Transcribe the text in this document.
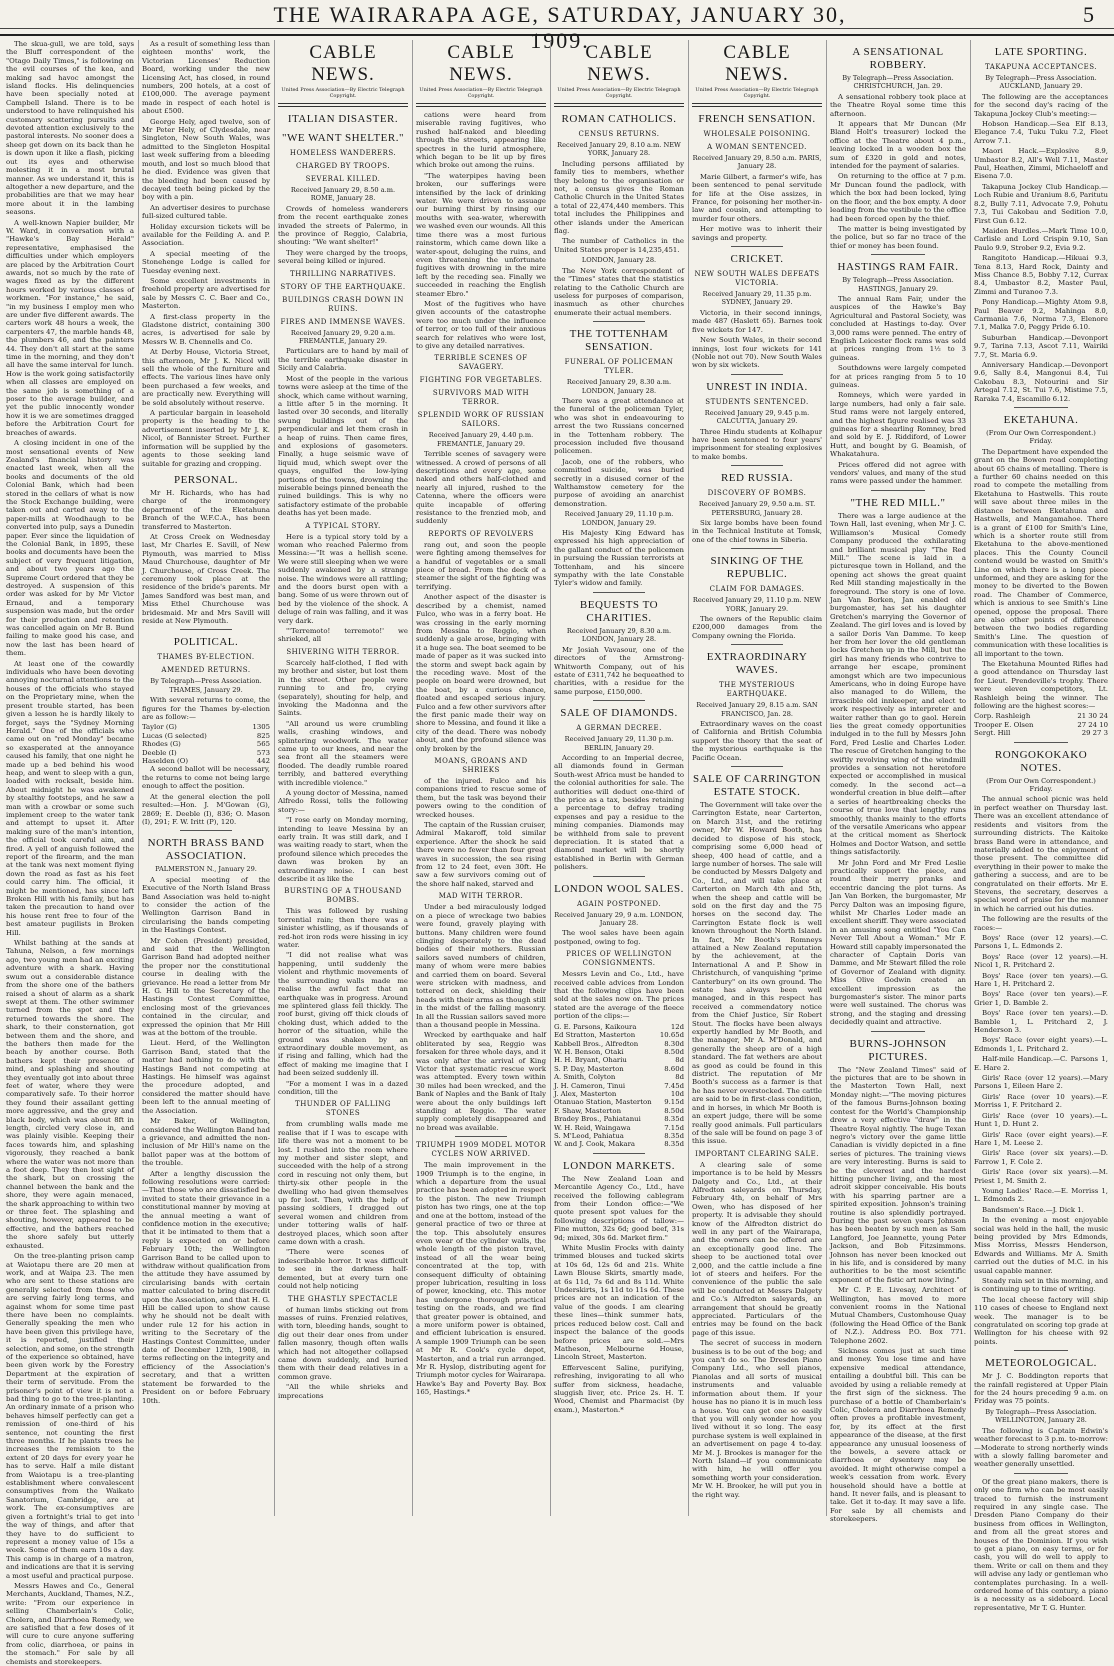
THE WAIRARAPA AGE, SATURDAY, JANUARY 30, 1909.
5

The skua-gull, we are told, says the Bluff correspondent of the "Otago Daily Times," is following on the evil courses of the kea, and making sad havoc amongst the island flocks. His delinquencies have been specially noted at Campbell Island. There is to be understood to have relinquished his customary scattering pursuits and devoted attention exclusively to the pastoral interests. No sooner does a sheep get down on its back than he is down upon it like a flash, picking out its eyes and otherwise molesting it in a most brutal manner. As we understand it, this is altogether a new departure, and the probabilities are that we may hear more about it in the lambing seasons.

A well-known Napier builder, Mr W. Ward, in conversation with a "Hawke's Bay Herald" representative, emphasised the difficulties under which employers are placed by the Arbitration Court awards, not so much by the rate of wages fixed as by the different hours worked by various classes of workmen. "For instance," he said, "in my business I employ men who are under five different awards. The carters work 48 hours a week, the carpenters 47, the marble hands 48, the plumbers 46, and the painters 44. They don't all start at the same time in the morning, and they don't all have the same interval for lunch. How is the work going satisfactorily when all classes are employed on the same job is something of a poser to the average builder, and yet the public innocently wonder how it is we are sometimes dragged before the Arbitration Court for breaches of awards.

A closing incident in one of the most sensational events of New Zealand's financial history was enacted last week, when all the books and documents of the old Colonial Bank, which had been stored in the cellars of what is now the Stock Exchange building, were taken out and carted away to the paper-mills at Woodhaugh to be converted into pulp, says a Dunedin paper. Ever since the liquidation of the Colonial Bank, in 1895, these books and documents have been the subject of very frequent litigation, and about two years ago the Supreme Court ordered that they be destroyed. A suspension of this order was asked for by Mr Victor Ernaud, and a temporary suspension was made, but the order for their production and retention was cancelled again on Mr B. Bund failing to make good his case, and now the last has been heard of them.

At least one of the cowardly individuals who have been devoting annoying nocturnal attentions to the houses of the officials who stayed on the Proprietary mine, when the present trouble started, has been given a lesson he is hardly likely to forget, says the "Sydney Morning Herald." One of the officials who came out on "red Monday" became so exasperated at the annoyance caused his family, that one night he made up a bed behind his wood heap, and went to sleep with a gun, loaded with rocksalt, beside him. About midnight he was awakened by stealthy footsteps, and he saw a man with a crowbar or some such implement creep to the water tank and attempt to upset it. After making sure of the man's intention, the official took careful aim, and fired. A yell of anguish followed the report of the firearm, and the man at the tank was next moment flying down the road as fast as his feet could carry him. The official, it might be mentioned, has since left Broken Hill with his family, but has taken the precaution to hand over his house rent free to four of the best amateur pugilists in Broken Hill.

Whilst bathing at the sands at Tahuna, Nelson, a few mornings ago, two young men had an exciting adventure with a shark. Having swum out a considerable distance from the shore one of the bathers raised a shout of alarm as a shark swept at them. The other swimmer turned from the spot and they returned towards the shore. The shark, to their consternation, got between them and the shore, and the bathers then made for the beach by another course. Both bathers kept their presence of mind, and splashing and shouting they eventually got into about three feet of water, where they were comparatively safe. To their horror they found their assailant getting more aggressive, and the grey and black body, which was about 8ft in length, circled very close in, and was plainly visible. Keeping their faces towards him, and splashing vigorously, they reached a bank where the water was not more than a foot deep. They then lost sight of the shark, but on crossing the channel between the bank and the shore, they were again menaced, the shark approaching to within two or three feet. The splashing and shouting, however, appeared to be effective, and the bathers reached the shore safely but utterly exhausted.

On the tree-planting prison camp at Waiotapu there are 20 men at work, and at Waipa 23. The men who are sent to these stations are generally selected from those who are serving fairly long terms, and against whom for some time past there have been no complaints. Generally speaking the men who have been given this privilege have, it is reported, justified their selection, and some, on the strength of the experience so obtained, have been given work by the Forestry Department at the expiration of their term of servitude. From the prisoner's point of view it is not a bad thing to go to the tree-planting. An ordinary inmate of a prison who behaves himself perfectly can get a remission of one-third of his sentence, not counting the first three months. If he plants trees he increases the remission to the extent of 20 days for every year he has to serve. Half a mile distant from Waiotapu is a tree-planting establishment where convalescent consumptives from the Waikato Sanatorium, Cambridge, are at work. The ex-consumptives are given a fortnight's trial to get into the way of things, and after that they have to do sufficient to represent a money value of 15s a week. Some of them earn 10s a day. This camp is in charge of a matron, and indications are that it is serving a most useful and practical purpose.

Messrs Hawes and Co., General Merchants, Auckland, Thames, N.Z., write: "From our experience in selling Chamberlain's Colic, Cholera, and Diarrhoea Remedy, we are satisfied that a few doses of it will cure to cure anyone suffering from colic, diarrhoea, or pains in the stomach." For sale by all chemists and storekeepers.

As a result of something less than eighteen months' work, the Victorian Licenses' Reduction Board, working under the new Licensing Act, has closed, in round numbers, 200 hotels, at a cost of £100,000. The average payment made in respect of each hotel is about £500.

George Hely, aged twelve, son of Mr Peter Hely, of Clydesdale, near Singleton, New South Wales, was admitted to the Singleton Hospital last week suffering from a bleeding mouth, and lost so much blood that he died. Evidence was given that the bleeding had been caused by decayed teeth being picked by the boy with a pin.

An advertiser desires to purchase full-sized cultured table.

Holiday excursion tickets will be available for the Feilding A. and P. Association.

A special meeting of the Stonehenge Lodge is called for Tuesday evening next.

Some excellent investments in freehold property are advertised for sale by Messrs C. C. Baer and Co., Masterton.

A first-class property in the Gladstone district, containing 300 acres, is advertised for sale by Messrs W. B. Chennells and Co.

At Derby House, Victoria Street, this afternoon, Mr J. K. Nicol will sell the whole of the furniture and effects. The various lines have only been purchased a few weeks, and are practically new. Everything will be sold absolutely without reserve.

A particular bargain in leasehold property is the heading to the advertisement inserted by Mr J. K. Nicol, of Bannister Street. Further information will be supplied by the agents to those seeking land suitable for grazing and cropping.

PERSONAL.

Mr H. Richards, who has had charge of the ironmongery department of the Eketahuna Branch of the W.F.C.A., has been transferred to Masterton.

At Cross Creek on Wednesday last, Mr Charles E. Savill, of New Plymouth, was married to Miss Maud Churchouse, daughter of Mr J. Churchouse, of Cross Creek. The ceremony took place at the residence of the bride's parents. Mr James Sandford was best man, and Miss Ethel Churchouse was bridesmaid. Mr and Mrs Savill will reside at New Plymouth.

POLITICAL.
THAMES BY-ELECTION.
AMENDED RETURNS.

By Telegraph—Press Association. THAMES, January 29.

With several returns to come, the figures for the Thames by-election are as follow:—

Taylor (G)	1305
Lucas (G selected)	825
Rhodes (G)	565
Deeble (I)	573
Haselden (O)	442

A second ballot will be necessary, the returns to come not being large enough to affect the position.

At the general election the poll resulted:—Hon. J. M'Gowan (G), 2869; E. Deeble (I), 836; O. Mason (I), 291; F. W. Iritt (P), 120.

NORTH BRASS BAND ASSOCIATION.

PALMERSTON N., January 29.

A special meeting of the Executive of the North Island Brass Band Association was held to-night to consider the action of the Wellington Garrison Band in circularising the bands competing in the Hastings Contest.

Mr Cohen (President) presided, and said that the Wellington Garrison Band had adopted neither the proper nor the constitutional course in dealing with the grievance. He read a letter from Mr H. G. Hill to the Secretary of the Hastings Contest Committee, enclosing most of the grievances contained in the circular, and expressed the opinion that Mr Hill was at the bottom of the trouble.

Lieut. Herd, of the Wellington Garrison Band, stated that the matter had nothing to do with the Hastings Band not competing at Hastings. He himself was against the procedure adopted, and considered the matter should have been left to the annual meeting of the Association.

Mr Baker, of Wellington, considered the Wellington Band had a grievance, and admitted the non-inclusion of Mr Hill's name on the ballot paper was at the bottom of the trouble.

After a lengthy discussion the following resolutions were carried:—That those who are dissatisfied be invited to state their grievance in a constitutional manner by moving at the annual meeting a want of confidence motion in the executive; that it be intimated to them that a reply is expected on or before February 10th; the Wellington Garrison Band to be called upon to withdraw without qualification from the attitude they have assumed by circularising bands with certain matter calculated to bring discredit upon the Association, and that H. G. Hill be called upon to show cause why he should not be dealt with under rule 12 for his action in writing to the Secretary of the Hastings Contest Committee, under date of December 12th, 1908, in terms reflecting on the integrity and efficiency of the Association's secretary, and that a written statement be forwarded to the President on or before February 10th.

CABLE NEWS.
United Press Association—By Electric Telegraph Copyright.
ITALIAN DISASTER.
"WE WANT SHELTER."
HOMELESS WANDERERS.
CHARGED BY TROOPS.
SEVERAL KILLED.

Received January 29, 8.50 a.m. ROME, January 28.

Crowds of homeless wanderers from the recent earthquake zones invaded the streets of Palermo, in the province of Reggio, Calabria, shouting: "We want shelter!"

They were charged by the troops, several being killed or injured.

THRILLING NARRATIVES.
STORY OF THE EARTHQUAKE.
BUILDINGS CRASH DOWN IN RUINS.
FIRES AND IMMENSE WAVES.

Received January 29, 9.20 a.m. FREMANTLE, January 29.

Particulars are to hand by mail of the terrible earthquake disaster in Sicily and Calabria.

Most of the people in the various towns were asleep at the time of the shock, which came without warning, a little after 5 in the morning. It lasted over 30 seconds, and literally swung buildings out of the perpendicular and let them crash in a heap of ruins. Then came fires, and explosions of gasometers. Finally, a huge seismic wave of liquid mud, which swept over the quays, engulfed the low-lying portions of the towns, drowning the miserable beings pinned beneath the ruined buildings. This is why no satisfactory estimate of the probable deaths has yet been made.

A TYPICAL STORY.

Here is a typical story told by a woman who reached Palermo from Messina:—"It was a hellish scene. We were still sleeping when we were suddenly awakened by a strange noise. The windows were all rattling; and the doors burst open with a bang. Some of us were thrown out of bed by the violence of the shock. A deluge of rain was falling, and it was very dark.

"'Terremoto! terremoto!' we shrieked, all

SHIVERING WITH TERROR.

Scarcely half-clothed, I fled with my brother and sister, but lost them in the street. Other people were running to and fro, crying (separately), shouting for help, and invoking the Madonna and the Saints.

"All around us were crumbling walls, crashing windows, and splintering woodwork. The water came up to our knees, and near the sea front all the steamers were flooded. The deadly rumble roared terribly, and battered everything with incredible violence."

A young doctor of Messina, named Alfredo Rossi, tells the following story:—

"I rose early on Monday morning, intending to leave Messina by an early train. It was still dark, and I was waiting ready to start, when the profound silence which precedes the dawn was broken by an extraordinary noise. I can best describe it as like the

BURSTING OF A THOUSAND BOMBS.

This was followed by rushing torrential rain; then there was a sinister whistling, as if thousands of red-hot iron rods were hissing in icy water.

"I did not realise what was happening, until suddenly the violent and rhythmic movements of the surrounding walls made me realise the awful fact that an earthquake was in progress. Around me splintered glass fell thickly. The roof burst, giving off thick clouds of choking dust, which added to the horror of the situation, while the ground was shaken by an extraordinary double movement, as if rising and falling, which had the effect of making me imagine that I had been seized suddenly ill.

"For a moment I was in a dazed condition, till the

THUNDER OF FALLING STONES

from crumbling walls made me realise that if I was to escape with life there was not a moment to be lost. I rushed into the room where my mother and sister slept, and succeeded with the help of a strong cord in rescuing not only them, but thirty-six other people in the dwelling who had given themselves up for lost. Then, with the help of passing soldiers, I dragged out several women and children from under tottering walls of half-destroyed places, which soon after came down with a crash.

"There were scenes of indescribable horror. It was difficult to see in the darkness half-demented, but at every turn one could not help noticing

THE GHASTLY SPECTACLE

of human limbs sticking out from masses of ruins. Frenzied relatives, with torn, bleeding hands, sought to dig out their dear ones from under fallen masonry, though often walls which had not altogether collapsed came down suddenly, and buried them with their dead relatives in a common grave.

"All the while shrieks and imprecations

CABLE NEWS.
United Press Association—By Electric Telegraph Copyright.

cations were heard from miserable raving fugitives, who rushed half-naked and bleeding through the streets, appearing like spectres in the lurid atmosphere, which began to be lit up by fires which broke out among the ruins.

"The waterpipes having been broken, our sufferings were intensified by the lack of drinking water. We were driven to assuage our burning thirst by rinsing our mouths with sea-water, wherewith we washed even our wounds. All this time there was a most furious rainstorm, which came down like a water-spout, deluging the ruins, and even threatening the unfortunate fugitives with drowning in the mire left by the receding sea. Finally we succeeded in reaching the English steamer Ebro."

Most of the fugitives who have given accounts of the catastrophe were too much under the influence of terror, or too full of their anxious search for relatives who were lost, to give any detailed narratives.

TERRIBLE SCENES OF SAVAGERY.
FIGHTING FOR VEGETABLES.
SURVIVORS MAD WITH TERROR.
SPLENDID WORK OF RUSSIAN SAILORS.

Received January 29, 4.40 p.m. FREMANTLE, January 29.

Terrible scenes of savagery were witnessed. A crowd of persons of all descriptions and every age, some naked and others half-clothed and nearly all injured, rushed to the Catenna, where the officers were quite incapable of offering resistance to the frenzied mob, and suddenly

REPORTS OF REVOLVERS

rang out, and soon the people were fighting among themselves for a handful of vegetables or a small piece of bread. From the deck of a steamer the sight of the fighting was terrifying.

Another aspect of the disaster is described by a chemist, named Fulco, who was in a ferry boat. He was crossing in the early morning from Messina to Reggio, when suddenly a gale arose, bringing with it a huge sea. The boat seemed to be made of paper as it was sucked into the storm and swept back again by the receding wave. Most of the people on board were drowned, but the boat, by a curious chance, floated and escaped serious injury. Fulco and a few other survivors after the first panic made their way on shore to Messina, and found it like a city of the dead. There was nobody about, and the profound silence was only broken by the

MOANS, GROANS AND SHRIEKS

of the injured. Fulco and his companions tried to rescue some of them, but the task was beyond their powers owing to the condition of wrecked houses.

The captain of the Russian cruiser, Admiral Makaroff, told similar experience. After the shock he said there were no fewer than four great waves in succession, the sea rising from 12 to 24 feet, even 30ft. He saw a few survivors coming out of the shore half naked, starved and

MAD WITH TERROR.

Under a bed miraculously lodged on a piece of wreckage two babies were found, gravely playing with buttons. Many children were found clinging desperately to the dead bodies of their mothers. Russian sailors saved numbers of children, many of whom were mere babies and carried them on board. Several were stricken with madness, and tottered on deck, shielding their heads with their arms as though still in the midst of the falling masonry. In all the Russian sailors saved more than a thousand people in Messina.

Wrecked by earthquake and half obliterated by sea, Reggio was forsaken for three whole days, and it was only after the arrival of King Victor that systematic rescue work was attempted. Every town within 30 miles had been wrecked, and the Bank of Naples and the Bank of Italy were about the only buildings left standing at Reggio. The water supply completely disappeared and no bread was available.

TRIUMPH 1909 MODEL MOTOR CYCLES NOW ARRIVED.

The main improvement in the 1909 Triumph is to the engine, in which a departure from the usual practice has been adopted in respect to the piston. The new Triumph piston has two rings, one at the top and one at the bottom, instead of the general practice of two or three at the top. This absolutely ensures even wear of the cylinder walls, the whole length of the piston travel, instead of all the wear being concentrated at the top, with consequent difficulty of obtaining proper lubrication, resulting in loss of power, knocking, etc. This motor has undergone thorough practical testing on the roads, and we find that greater power is obtained, and a more uniform power is obtained, and efficient lubrication is ensured. A sample 1909 Triumph can be seen at Mr R. Cook's cycle depot, Masterton, and a trial run arranged. Mr R. Hyslop, distributing agent for Triumph motor cycles for Wairarapa. Hawke's Bay and Poverty Bay. Box 165, Hastings.*

CABLE NEWS.
United Press Association—By Electric Telegraph Copyright.
ROMAN CATHOLICS.
CENSUS RETURNS.

Received January 29, 8.10 a.m. NEW YORK, January 28.

Including persons affiliated by family ties to members, whether they belong to the organisation or not, a census gives the Roman Catholic Church in the United States a total of 22,474,440 members. This total includes the Philippines and other islands under the American flag.

The number of Catholics in the United States proper is 14,235,451.

LONDON, January 28.

The New York correspondent of the "Times" states that the statistics relating to the Catholic Church are useless for purposes of comparison, inasmuch as other churches enumerate their actual members.

THE TOTTENHAM SENSATION.
FUNERAL OF POLICEMAN TYLER.

Received January 29, 8.30 a.m. LONDON, January 28.

There was a great attendance at the funeral of the policeman Tyler, who was shot in endeavouring to arrest the two Russians concerned in the Tottenham robbery. The procession included five thousand policemen.

Jacob, one of the robbers, who committed suicide, was buried secretly in a disused corner of the Walthamstow cemetery for the purpose of avoiding an anarchist demonstration.

Received January 29, 11.10 p.m. LONDON, January 29.

His Majesty King Edward has expressed his high appreciation of the gallant conduct of the policemen in pursuing the Russian terrorists at Tottenham, and his sincere sympathy with the late Constable Tyler's widow and family.

BEQUESTS TO CHARITIES.

Received January 29, 8.30 a.m. LONDON, January 28.

Mr Josiah Vavasour, one of the directors of the Armstrong-Whitworth Company, out of his estate of £311,742 he bequeathed to charities, with a residue for the same purpose, £150,000.

SALE OF DIAMONDS.
A GERMAN DECREE.

Received January 29, 11.30 p.m. BERLIN, January 29.

According to an Imperial decree, all diamonds found in German South-west Africa must be handed to the colonial authorities for sale. The authorities will deduct one-third of the price as a tax, besides retaining a percentage to defray trading expenses and pay a residue to the mining companies. Diamonds may be withheld from sale to prevent depreciation. It is stated that a diamond market will be shortly established in Berlin with German polishers.

LONDON WOOL SALES.
AGAIN POSTPONED.

Received January 29, 9 a.m. LONDON, January 28.

The wool sales have been again postponed, owing to fog.

PRICES OF WELLINGTON CONSIGNMENTS.

Messrs Levin and Co., Ltd., have received cable advices from London that the following clips have been sold at the sales now on. The prices stated are the average of the fleece portion of the clips:—

G. E. Parsons, Kaikoura	12d
Ed Stratton, Masterton	10.65d
Kabbell Bros., Alfredton	8.30d
W. H. Benson, Otaki	8.50d
H. H. Bryant, Ohariu	8d
S. P. Day, Masterton	8.60d
A. Smith, Colyton	8d
J. H. Cameron, Tinui	7.45d
J. Alex, Masterton	10d
Otanuao Station, Masterton 9.15d
F. Shaw, Masterton	8.50d
Bradey Bros., Pahiatanui	8.35d
W. H. Reid, Waingawa	7.15d
S. M'Leod, Pahiatua	8.35d
W. and J. Cook, Makara	8.35d
LONDON MARKETS.

The New Zealand Loan and Mercantile Agency Co., Ltd., have received the following cablegram from their London office:—"We quote present spot values for the following descriptions of tallow:—Fine mutton, 32s 6d; good beef, 31s 9d; mixed, 30s 6d. Market firm."

White Muslin Frocks with dainty trimmed blouses and tucked skirts at 10s 6d, 12s 6d and 21s. White Lawn Blouse Skirts, smartly made, at 6s 11d, 7s 6d and 8s 11d. White Underskirts, 1s 11d to 11s 6d. These prices are not an indication of the value of the goods. I am clearing these lines—think summer hats, prices reduced below cost. Call and inspect the balance of the goods before prices are sold.—Mrs Matheson, Melbourne House, Lincoln Street, Masterton.

Effervescent Saline, purifying, refreshing, invigorating to all who suffer from sickness, headache, sluggish liver, etc. Price 2s. H. T. Wood, Chemist and Pharmacist (by exam.), Masterton.*

CABLE NEWS.
United Press Association—By Electric Telegraph Copyright.
FRENCH SENSATION.
WHOLESALE POISONING.
A WOMAN SENTENCED.

Received January 29, 8.50 a.m. PARIS, January 28.

Marie Gilbert, a farmer's wife, has been sentenced to penal servitude for life at the Oise assizes, in France, for poisoning her mother-in-law and cousin, and attempting to murder four others.

Her motive was to inherit their savings and property.

CRICKET.
NEW SOUTH WALES DEFEATS VICTORIA.

Received January 29, 11.35 p.m. SYDNEY, January 29.

Victoria, in their second innings, made 487 (Haslett 65). Barnes took five wickets for 147.

New South Wales, in their second innings, lost four wickets for 141 (Noble not out 70). New South Wales won by six wickets.

UNREST IN INDIA.
STUDENTS SENTENCED.

Received January 29, 9.45 p.m. CALCUTTA, January 29.

Three Hindu students at Kolhapur have been sentenced to four years' imprisonment for stealing explosives to make bombs.

RED RUSSIA.
DISCOVERY OF BOMBS.

Received January 29, 9.50 a.m. ST. PETERSBURG, January 28.

Six large bombs have been found in the Technical Institute at Tomsk, one of the chief towns in Siberia.

SINKING OF THE REPUBLIC.
CLAIM FOR DAMAGES.

Received January 29, 11.10 p.m. NEW YORK, January 29.

The owners of the Republic claim £200,000 damages from the Company owning the Florida.

EXTRAORDINARY WAVES.
THE MYSTERIOUS EARTHQUAKE.

Received January 29, 8.15 a.m. SAN FRANCISCO, Jan. 28.

Extraordinary waves on the coast of California and British Columbia support the theory that the seat of the mysterious earthquake is the Pacific Ocean.

SALE OF CARRINGTON ESTATE STOCK.

The Government will take over the Carrington Estate, near Carterton, on March 31st, and the retiring owner, Mr W. Howard Booth, has decided to dispose of his stock, comprising some 6,000 head of sheep, 400 head of cattle, and a large number of horses. The sale will be conducted by Messrs Dalgety and Co., Ltd., and will take place at Carterton on March 4th and 5th, when the sheep and cattle will be sold on the first day and the 75 horses on the second day. The Carrington Estate flock is well known throughout the North Island. In fact, Mr Booth's Romneys attained a New Zealand reputation by the achievement, at the International A and P. Show in Christchurch, of vanquishing "prime Canterbury" on its own ground. The estate has always been well managed, and in this respect has received a commendatory notice from the Chief Justice, Sir Robert Stout. The flocks have been always expertly handled by Mr Booth, and the manager, Mr A. M'Donald, and generally the sheep are of a high standard. The fat wethers are about as good as could be found in this district. The reputation of Mr Booth's success as a farmer is that he has never overstocked. The cattle are said to be in first-class condition, and in horses, in which Mr Booth is an expert judge, there will be some really good animals. Full particulars of the sale will be found on page 3 of this issue.

IMPORTANT CLEARING SALE.

A clearing sale of some importance is to be held by Messrs Dalgety and Co., Ltd., at their Alfredton saleyards on Thursday, February 4th, on behalf of Mrs Owen, who has disposed of her property. It is advisable they should know of the Alfredton district do well in any part of the Wairarapa, and the owners can be offered are an exceptionally good line. The sheep to be auctioned total over 2,000, and the cattle include a fine lot of steers and heifers. For the convenience of the public the sale will be conducted at Messrs Dalgety and Co.'s Alfredton saleyards, an arrangement that should be greatly appreciated. Particulars of the entries may be found on the back page of this issue.

The secret of success in modern business is to be out of the bog; and you can't do so. The Dresden Piano Company Ltd., who sell pianos, Pianolas and all sorts of musical instruments and valuable information about them. If your house has no piano it is in much less a house. You can get one so easily that you will only wonder how you lived without it so long. The easy purchase system is well explained in an advertisement on page 4 to-day. Mr M. J. Brookes is manager for the North Island—if you communicate with him, he will offer you something worth your consideration. Mr W. H. Brooker, he will put you in the right way.

A SENSATIONAL ROBBERY.

By Telegraph—Press Association. CHRISTCHURCH, Jan. 29.

A sensational robbery took place at the Theatre Royal some time this afternoon.

It appears that Mr Duncan (Mr Bland Holt's treasurer) locked the office at the Theatre about 4 p.m., leaving locked in a wooden box the sum of £320 in gold and notes, intended for the payment of salaries.

On returning to the office at 7 p.m. Mr Duncan found the padlock, with which the box had been locked, lying on the floor, and the box empty. A door leading from the vestibule to the office had been forced open by the thief.

The matter is being investigated by the police, but so far no trace of the thief or money has been found.

HASTINGS RAM FAIR.

By Telegraph—Press Association. HASTINGS, January 29.

The annual Ram Fair, under the auspices of the Hawke's Bay Agricultural and Pastoral Society, was concluded at Hastings to-day. Over 3,000 rams were penned. The entry of English Leicester flock rams was sold at prices ranging from 1½ to 3 guineas.

Southdowns were largely competed for at prices ranging from 5 to 10 guineas.

Romneys, which were yarded in large numbers, had only a fair sale. Stud rams were not largely entered, and the highest figure realised was 33 guineas for a shearling Romney, bred and sold by E. J. Riddiford, of Lower Hutt, and bought by G. Beamish, of Whakatahura.

Prices offered did not agree with vendors' values, and many of the stud rams were passed under the hammer.

"THE RED MILL."

There was a large audience at the Town Hall, last evening, when Mr J. C. Williamson's Musical Comedy Company produced the exhilarating and brilliant musical play "The Red Mill." The scene is laid in a picturesque town in Holland, and the opening act shows the great quaint Red Mill standing majestically in the foreground. The story is one of love. Jan Van Borken, Jan enabled old burgomaster, has set his daughter Gretchen's marrying the Governor of Zealand. The girl loves and is loved by a sailor Doris Van Damme. To keep her from her lover the old gentleman locks Gretchen up in the Mill, but the girl has many friends who contrive to arrange her escape, prominent amongst which are two impecunious Americans, who in doing Europe have also managed to do Willem, the irrascible old innkeeper, and elect to work respectively as interpreter and waiter rather than go to gaol. Herein lies the great comedy opportunities indulged in to the full by Messrs John Ford, Fred Leslie and Charles Loder. The rescue of Gretchen hanging to the swiftly revolving wing of the windmill provides a sensation not heretofore expected or accomplished in musical comedy. In the second act—a wonderful creation in blue delft—after a series of heartbreaking checks the course of true love that lengthy runs smoothly, thanks mainly to the efforts of the versatile Americans who appear at the critical moment as Sherlock Holmes and Doctor Watson, and settle things satisfactorily.

Mr John Ford and Mr Fred Leslie practically support the piece, and round their merry pranks and eccentric dancing the plot turns. As Jan Van Borken, the burgomaster, Mr Percy Dalton was an imposing figure, whilst Mr Charles Loder made an excellent sheriff. They were associated in an amusing song entitled "You Can Never Tell About a Woman." Mr F. Howard still capably impersonated the character of Captain Doris van Damme, and Mr Stewart filled the role of Governor of Zealand with dignity. Miss Olive Godwin created an excellent impression as the burgomaster's sister. The minor parts were well sustained. The chorus was strong, and the staging and dressing decidedly quaint and attractive.

BURNS-JOHNSON PICTURES.

The "New Zealand Times" said of the pictures that are to be shown in the Masterton Town Hall, next Monday night:—"The moving pictures of the famous Burns-Johnson boxing contest for the World's Championship drew a very effective "draw" in the Theatre Royal nightly. The huge Texan negro's victory over the game little Canadian is vividly depicted in a fine series of pictures. The training views are very interesting. Burns is said to be the cleverest and the hardest hitting puncher living, and the most adroit skipper conceivable. His bouts with his sparring partner are a spirited exposition. Johnson's training routine is also splendidly portrayed. During the past seven years Johnson has been beaten by such men as Sam Langford, Joe Jeannette, young Peter Jackson, and Bob Fitzsimmons. Johnson has never been knocked out in his life, and is considered by many authorities to be the most scientific exponent of the fistic art now living."

Mr C. P. E. Livesay, Architect of Wellington, has moved to more convenient rooms in the National Mutual Chambers, Customhouse Quay (following the Head Office of the Bank of N.Z.). Address P.O. Box 771. Telephone 2602.

Sickness comes just at such time and money. You lose time and have expensive medical attendance, entailing a doubtful bill. This can be avoided by using a reliable remedy at the first sign of the sickness. The purchase of a bottle of Chamberlain's Colic, Cholera and Diarrhoea Remedy often proves a profitable investment, for, by its effect at the first appearance of the disease, at the first appearance any unusual looseness of the bowels, a severe attack or diarrhoea or dysentery may be avoided. It might otherwise compel a week's cessation from work. Every household should have a bottle at hand. It never fails, and is pleasant to take. Get it to-day. It may save a life. For sale by all chemists and storekeepers.

LATE SPORTING.
TAKAPUNA ACCEPTANCES.

By Telegraph—Press Association. AUCKLAND, January 29.

The following are the acceptances for the second day's racing of the Takapuna Jockey Club's meeting:—

Hobson Handicap.—Sea Elf 8.13, Elegance 7.4, Tuku Tuku 7.2, Fleet Arrow 7.1.

Maori Hack.—Explosive 8.9, Umbastor 8.2, All's Well 7.11, Master Paul, Heathen, Zimmi, Michaeloff and Eisena 7.0.

Takapuna Jockey Club Handicap.—Loch Rubie and Uranium 8.6, Paritutu 8.2, Bully 7.11, Advocate 7.9, Pohutu 7.3, Tui Cakobau and Sedition 7.0, First Gun 6.12.

Maiden Hurdles.—Mark Time 10.0, Carlisle and Lord Crispin 9.10, San Paulo 9.9, Strober 9.2, Evia 9.2.

Rangitoto Handicap.—Hikuai 9.3, Tena 8.13, Hard Rock, Dainty and Miss Chance 8.5, Bobby 7.12, Currax 8.4, Umbastor 8.2, Master Paul, Zimmi and Turanoo 7.3.

Pony Handicap.—Mighty Atom 9.8, Paul Beaver 9.2, Mahinga 8.0, Carmania 7.6, Norma 7.3, Elenore 7.1, Malka 7.0, Peggy Pride 6.10.

Suburban Handicap.—Devonport 9.7, Tarina 7.13, Ascot 7.11, Wairiki 7.7, St. Maria 6.9.

Anniversary Handicap.—Devonport 9.6, Sally 8.4, Mangonui 8.4, Tui Cakobau 8.3, Notourini and Sir Artegal 7.12, St. Tui 7.6, Mistime 7.5, Raraka 7.4, Escamillo 6.12.

EKETAHUNA.

(From Our Own Correspondent.) Friday.

The Department have expended the grant on the Bowen road completing about 65 chains of metalling. There is a further 60 chains needed on this road to compete the metalling from Eketahuna to Hastwells. This route will save about three miles in the distance between Eketahuna and Hastwells, and Mangamahoe. There is a grant of £100 for Smith's Line, which is a shorter route still from Eketahuna to the above-mentioned places. This the County Council contend would be wasted on Smith's Line on which there is a long piece unformed, and they are asking for the money to be diverted to the Bowen road. The Chamber of Commerce, which is anxious to see Smith's Line opened, oppose the proposal. There are also other points of difference between the two bodies regarding Smith's Line. The question of communication with these localities is all important to the town.

The Eketahuna Mounted Rifles had a good attendance on Thursday last for Lieut. Prendeville's trophy. There were eleven competitors, Lt. Rashleigh being the winner. The following are the highest scores:—

Corp. Rashleigh	21 30 24
Trooper E. Olsen	27 24 10
Sergt. Hill	29 27 3
RONGOKOKAKO NOTES.

(From Our Own Correspondent.) Friday.

The annual school picnic was held in perfect weather on Thursday last. There was an excellent attendance of residents and visitors from the surrounding districts. The Kaitoke brass Band were in attendance, and materially added to the enjoyment of those present. The committee did everything in their power to make the gathering a success, and are to be congratulated on their efforts. Mr E. Stevens, the secretary, deserves a special word of praise for the manner in which he carried out his duties.

The following are the results of the races:—

Boys' Race (over 12 years).—C. Parsons 1, L. Edmonds 2.

Boys' Race (over 12 years).—H. Nicol 1, R. Pritchard 2.

Boys' Race (over ten years).—G. Hare 1, H. Pritchard 2.

Boys' Race (over ten years).—F. Grier 1, D. Bamble 2.

Boys' Race (over ten years).—D. Bamble 1, L. Pritchard 2, J. Henderson 3.

Boys' Race (over eight years).—L. Edmonds 1, L. Pritchard 2.

Half-mile Handicap.—C. Parsons 1, E. Hare 2.

Girls' Race (over 12 years).—Mary Parsons 1, Eileen Hare 2.

Girls' Race (over 10 years).—F. Morriss 1, F. Pritchard 2.

Girls' Race (over 10 years).—L. Hunt 1, D. Hunt 2.

Girls' Race (over eight years).—F. Hare 1, M. Leese 2.

Girls' Race (over six years).—D. Farrow 1, F. Cole 2.

Girls' Race (over six years).—M. Priest 1, M. Smith 2.

Young Ladies' Race.—E. Morriss 1, L. Edmonds 2.

Bandsmen's Race.—J. Dick 1.

In the evening a most enjoyable social was held in the hall, the music being provided by Mrs Edmonds, Miss Morriss, Messrs Henderson, Edwards and Williams. Mr A. Smith carried out the duties of M.C. in his usual capable manner.

Steady rain set in this morning, and is continuing up to time of writing.

The local cheese factory will ship 110 cases of cheese to England next week. The manager is to be congratulated on scoring top grade at Wellington for his cheese with 92 points.

METEOROLOGICAL.

Mr J. C. Boddington reports that the rainfall registered at Upper Plain for the 24 hours preceding 9 a.m. on Friday was 75 points.

By Telegraph—Press Association. WELLINGTON, January 28.

The following is Captain Edwin's weather forecast to 3 p.m. to-morrow:—Moderate to strong northerly winds with a slowly falling barometer and weather generally unsettled.

Of the great piano makers, there is only one firm who can be most easily traced to furnish the instrument required in any single case. The Dresden Piano Company do their business from offices in Wellington, and from all the great stores and houses of the Dominion. If you wish to get a piano, on easy terms, or for cash, you will do well to apply to them. Write or call on them and they will advise any lady or gentleman who contemplates purchasing. In a well-ordered home of this century, a piano is a necessity as a sideboard. Local representative, Mr T. G. Hunter.
